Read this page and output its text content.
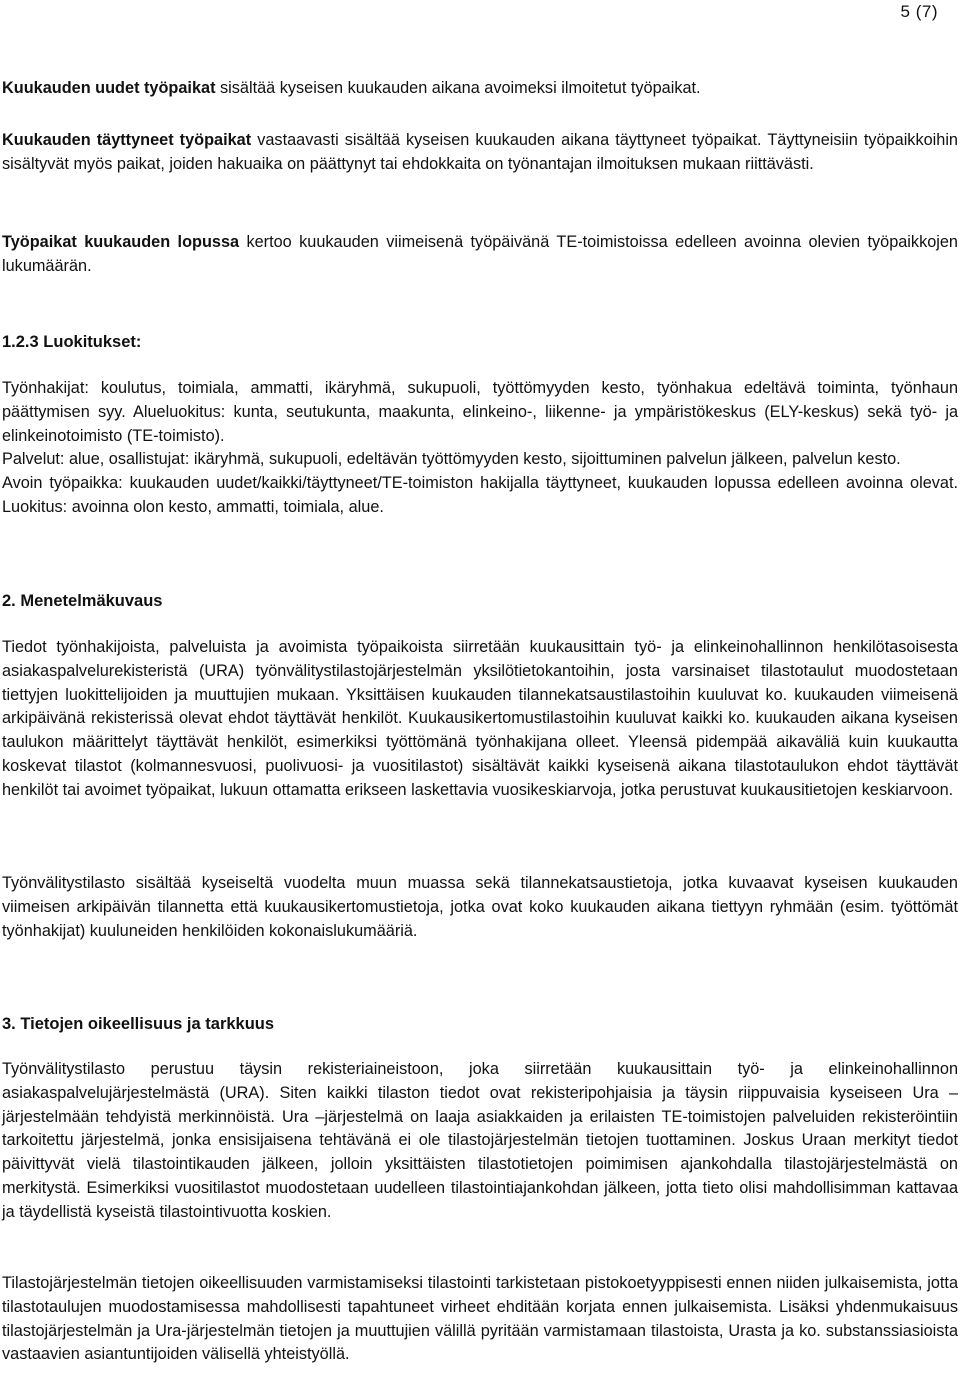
5 (7)

Kuukauden uudet työpaikat sisältää kyseisen kuukauden aikana avoimeksi ilmoitetut työpaikat.

Kuukauden täyttyneet työpaikat vastaavasti sisältää kyseisen kuukauden aikana täyttyneet työpaikat. Täyttyneisiin työpaikkoihin sisältyvät myös paikat, joiden hakuaika on päättynyt tai ehdokkaita on työnantajan ilmoituksen mukaan riittävästi.

Työpaikat kuukauden lopussa kertoo kuukauden viimeisenä työpäivänä TE-toimistoissa edelleen avoinna olevien työpaikkojen lukumäärän.

1.2.3 Luokitukset:

Työnhakijat: koulutus, toimiala, ammatti, ikäryhmä, sukupuoli, työttömyyden kesto, työnhakua edeltävä toiminta, työnhaun päättymisen syy. Alueluokitus: kunta, seutukunta, maakunta, elinkeino-, liikenne- ja ympäristökeskus (ELY-keskus) sekä työ- ja elinkeinotoimisto (TE-toimisto).

Palvelut: alue, osallistujat: ikäryhmä, sukupuoli, edeltävän työttömyyden kesto, sijoittuminen palvelun jälkeen, palvelun kesto.

Avoin työpaikka: kuukauden uudet/kaikki/täyttyneet/TE-toimiston hakijalla täyttyneet, kuukauden lopussa edelleen avoinna olevat. Luokitus: avoinna olon kesto, ammatti, toimiala, alue.

2. Menetelmäkuvaus
Tiedot työnhakijoista, palveluista ja avoimista työpaikoista siirretään kuukausittain työ- ja elinkeinohallinnon henkilötasoisesta asiakaspalvelurekisteristä (URA) työnvälitystilastojärjestelmän yksilötietokantoihin, josta varsinaiset tilastotaulut muodostetaan tiettyjen luokittelijoiden ja muuttujien mukaan. Yksittäisen kuukauden tilannekatsaustilastoihin kuuluvat ko. kuukauden viimeisenä arkipäivänä rekisterissä olevat ehdot täyttävät henkilöt. Kuukausikertomustilastoihin kuuluvat kaikki ko. kuukauden aikana kyseisen taulukon määrittelyt täyttävät henkilöt, esimerkiksi työttömänä työnhakijana olleet. Yleensä pidempää aikaväliä kuin kuukautta koskevat tilastot (kolmannesvuosi, puolivuosi- ja vuositilastot) sisältävät kaikki kyseisenä aikana tilastotaulukon ehdot täyttävät henkilöt tai avoimet työpaikat, lukuun ottamatta erikseen laskettavia vuosikeskiarvoja, jotka perustuvat kuukausitietojen keskiarvoon.
Työnvälitystilasto sisältää kyseiseltä vuodelta muun muassa sekä tilannekatsaustietoja, jotka kuvaavat kyseisen kuukauden viimeisen arkipäivän tilannetta että kuukausikertomustietoja, jotka ovat koko kuukauden aikana tiettyyn ryhmään (esim. työttömät työnhakijat) kuuluneiden henkilöiden kokonaislukumääriä.
3. Tietojen oikeellisuus ja tarkkuus
Työnvälitystilasto perustuu täysin rekisteriaineistoon, joka siirretään kuukausittain työ- ja elinkeinohallinnon asiakaspalvelujärjestelmästä (URA). Siten kaikki tilaston tiedot ovat rekisteripohjaisia ja täysin riippuvaisia kyseiseen Ura –järjestelmään tehdyistä merkinnöistä. Ura –järjestelmä on laaja asiakkaiden ja erilaisten TE-toimistojen palveluiden rekisteröintiin tarkoitettu järjestelmä, jonka ensisijaisena tehtävänä ei ole tilastojärjestelmän tietojen tuottaminen. Joskus Uraan merkityt tiedot päivittyvät vielä tilastointikauden jälkeen, jolloin yksittäisten tilastotietojen poimimisen ajankohdalla tilastojärjestelmästä on merkitystä. Esimerkiksi vuositilastot muodostetaan uudelleen tilastointiajankohdan jälkeen, jotta tieto olisi mahdollisimman kattavaa ja täydellistä kyseistä tilastointivuotta koskien.
Tilastojärjestelmän tietojen oikeellisuuden varmistamiseksi tilastointi tarkistetaan pistokoetyyppisesti ennen niiden julkaisemista, jotta tilastotaulujen muodostamisessa mahdollisesti tapahtuneet virheet ehditään korjata ennen julkaisemista. Lisäksi yhdenmukaisuus tilastojärjestelmän ja Ura-järjestelmän tietojen ja muuttujien välillä pyritään varmistamaan tilastoista, Urasta ja ko. substanssiasioista vastaavien asiantuntijoiden välisellä yhteistyöllä.
